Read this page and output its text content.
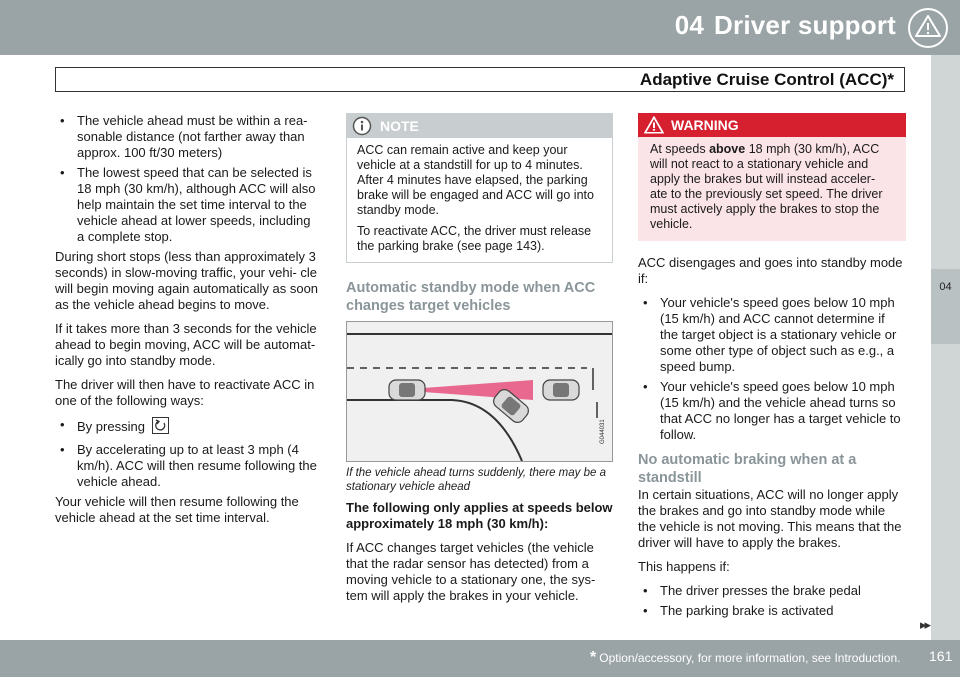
04 Driver support
Adaptive Cruise Control (ACC)*
04
• The vehicle ahead must be within a rea- sonable distance (not farther away than approx. 100 ft/30 meters)
• The lowest speed that can be selected is 18 mph (30 km/h), although ACC will also help maintain the set time interval to the vehicle ahead at lower speeds, including a complete stop.

During short stops (less than approximately 3 seconds) in slow-moving traffic, your vehi- cle will begin moving again automatically as soon as the vehicle ahead begins to move.

If it takes more than 3 seconds for the vehicle ahead to begin moving, ACC will be automat- ically go into standby mode.

The driver will then have to reactivate ACC in one of the following ways:

• By pressing
• By accelerating up to at least 3 mph (4 km/h). ACC will then resume following the vehicle ahead.

Your vehicle will then resume following the vehicle ahead at the set time interval.

NOTE

ACC can remain active and keep your vehicle at a standstill for up to 4 minutes. After 4 minutes have elapsed, the parking brake will be engaged and ACC will go into standby mode.

To reactivate ACC, the driver must release the parking brake (see page 143).

Automatic standby mode when ACC changes target vehicles
G044031
If the vehicle ahead turns suddenly, there may be a stationary vehicle ahead

The following only applies at speeds below approximately 18 mph (30 km/h):

If ACC changes target vehicles (the vehicle that the radar sensor has detected) from a moving vehicle to a stationary one, the sys- tem will apply the brakes in your vehicle.

WARNING
At speeds above 18 mph (30 km/h), ACC will not react to a stationary vehicle and apply the brakes but will instead acceler- ate to the previously set speed. The driver must actively apply the brakes to stop the vehicle.

ACC disengages and goes into standby mode if:

• Your vehicle's speed goes below 10 mph (15 km/h) and ACC cannot determine if the target object is a stationary vehicle or some other type of object such as e.g., a speed bump.
• Your vehicle's speed goes below 10 mph (15 km/h) and the vehicle ahead turns so that ACC no longer has a target vehicle to follow.
No automatic braking when at a standstill

In certain situations, ACC will no longer apply the brakes and go into standby mode while the vehicle is not moving. This means that the driver will have to apply the brakes.

This happens if:

• The driver presses the brake pedal
• The parking brake is activated
▸▸
* Option/accessory, for more information, see Introduction. 161
